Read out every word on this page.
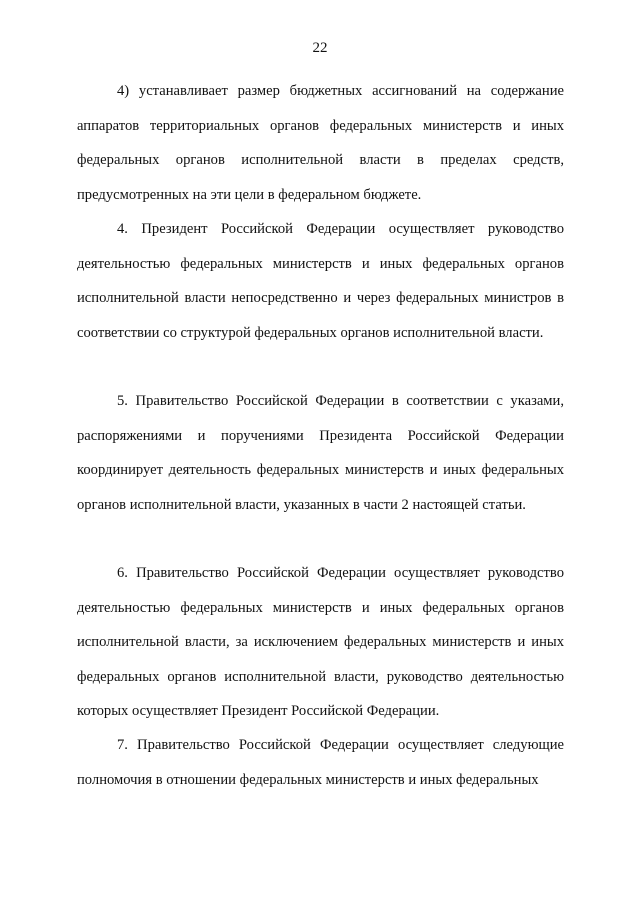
22

4) устанавливает размер бюджетных ассигнований на содержание аппаратов территориальных органов федеральных министерств и иных федеральных органов исполнительной власти в пределах средств, предусмотренных на эти цели в федеральном бюджете.

4. Президент Российской Федерации осуществляет руководство деятельностью федеральных министерств и иных федеральных органов исполнительной власти непосредственно и через федеральных министров в соответствии со структурой федеральных органов исполнительной власти.

5. Правительство Российской Федерации в соответствии с указами, распоряжениями и поручениями Президента Российской Федерации координирует деятельность федеральных министерств и иных федеральных органов исполнительной власти, указанных в части 2 настоящей статьи.

6. Правительство Российской Федерации осуществляет руководство деятельностью федеральных министерств и иных федеральных органов исполнительной власти, за исключением федеральных министерств и иных федеральных органов исполнительной власти, руководство деятельностью которых осуществляет Президент Российской Федерации.

7. Правительство Российской Федерации осуществляет следующие полномочия в отношении федеральных министерств и иных федеральных
